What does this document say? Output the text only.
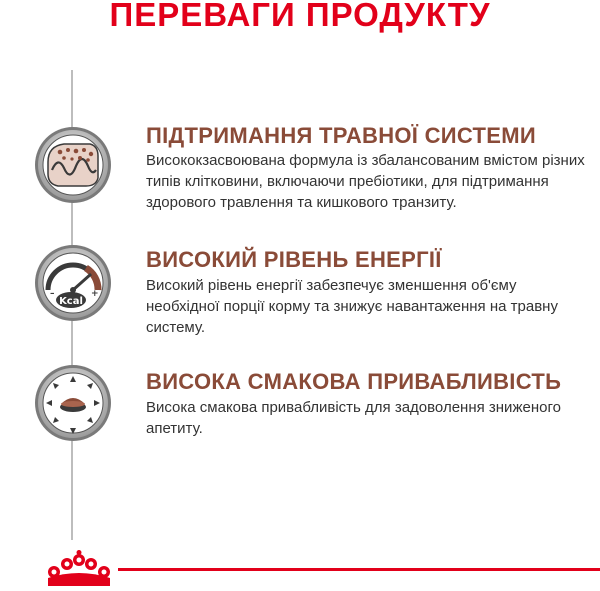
ПЕРЕВАГИ ПРОДУКТУ
ПІДТРИМАННЯ ТРАВНОЇ СИСТЕМИ

Висококзасвоювана формула із збалансованим вмістом різних типів клітковини, включаючи пребіотики, для підтримання здорового травлення та кишкового транзиту.

–	+
Kcal
ВИСОКИЙ РІВЕНЬ ЕНЕРГІЇ

Високий рівень енергії забезпечує зменшення об'єму необхідної порції корму та знижує навантаження на травну систему.

ВИСОКА СМАКОВА ПРИВАБЛИВІСТЬ

Висока смакова привабливість для задоволення зниженого апетиту.
